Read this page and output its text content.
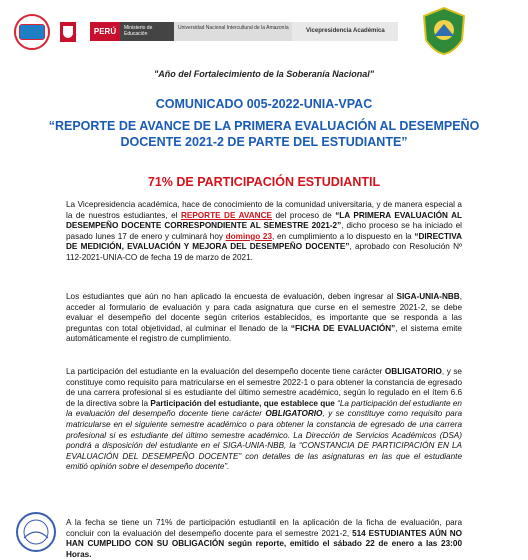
PERÚ	Ministerio de Educación
Universidad Nacional Intercultural de la Amazonía	Vicepresidencia Académica
"Año del Fortalecimiento de la Soberanía Nacional"
COMUNICADO 005-2022-UNIA-VPAC
“REPORTE DE AVANCE DE LA PRIMERA EVALUACIÓN AL DESEMPEÑO DOCENTE 2021-2 DE PARTE DEL ESTUDIANTE”
71% DE PARTICIPACIÓN ESTUDIANTIL
La Vicepresidencia académica, hace de conocimiento de la comunidad universitaria, y de manera especial a la de nuestros estudiantes, el REPORTE DE AVANCE del proceso de “LA PRIMERA EVALUACIÓN AL DESEMPEÑO DOCENTE CORRESPONDIENTE AL SEMESTRE 2021-2”, dicho proceso se ha iniciado el pasado lunes 17 de enero y culminará hoy domingo 23, en cumplimiento a lo dispuesto en la “DIRECTIVA DE MEDICIÓN, EVALUACIÓN Y MEJORA DEL DESEMPEÑO DOCENTE”, aprobado con Resolución Nº 112-2021-UNIA-CO de fecha 19 de marzo de 2021.
Los estudiantes que aún no han aplicado la encuesta de evaluación, deben ingresar al SIGA-UNIA-NBB, acceder al formulario de evaluación y para cada asignatura que curse en el semestre 2021-2, se debe evaluar el desempeño del docente según criterios establecidos, es importante que se responda a las preguntas con total objetividad, al culminar el llenado de la “FICHA DE EVALUACIÓN”, el sistema emite automáticamente el registro de cumplimiento.
La participación del estudiante en la evaluación del desempeño docente tiene carácter OBLIGATORIO, y se constituye como requisito para matricularse en el semestre 2022-1 o para obtener la constancia de egresado de una carrera profesional si es estudiante del último semestre académico, según lo regulado en el ítem 6.6 de la directiva sobre la Participación del estudiante, que establece que “La participación del estudiante en la evaluación del desempeño docente tiene carácter OBLIGATORIO, y se constituye como requisito para matricularse en el siguiente semestre académico o para obtener la constancia de egresado de una carrera profesional si es estudiante del último semestre académico. La Dirección de Servicios Académicos (DSA) pondrá a disposición del estudiante en el SIGA-UNIA-NBB, la “CONSTANCIA DE PARTICIPACIÓN EN LA EVALUACIÓN DEL DESEMPEÑO DOCENTE” con detalles de las asignaturas en las que el estudiante emitió opinión sobre el desempeño docente”.
A la fecha se tiene un 71% de participación estudiantil en la aplicación de la ficha de evaluación, para concluir con la evaluación del desempeño docente para el semestre 2021-2, 514 ESTUDIANTES AÚN NO HAN CUMPLIDO CON SU OBLIGACIÓN según reporte, emitido el sábado 22 de enero a las 23:00 Horas.
